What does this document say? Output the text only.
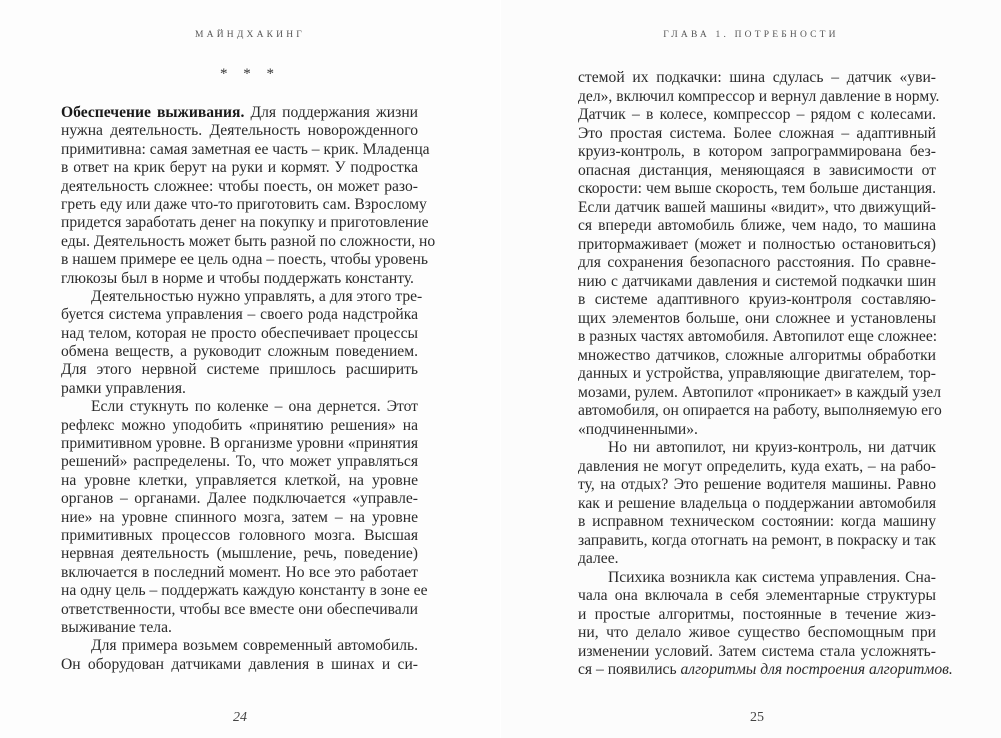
МАЙНДХАКИНГ
* * *
Обеспечение выживания. Для поддержания жизни
нужна деятельность. Деятельность новорожденного
примитивна: самая заметная ее часть – крик. Младенца
в ответ на крик берут на руки и кормят. У подростка
деятельность сложнее: чтобы поесть, он может разо-
греть еду или даже что-то приготовить сам. Взрослому
придется заработать денег на покупку и приготовление
еды. Деятельность может быть разной по сложности, но
в нашем примере ее цель одна – поесть, чтобы уровень
глюкозы был в норме и чтобы поддержать константу.
Деятельностью нужно управлять, а для этого тре-
буется система управления – своего рода надстройка
над телом, которая не просто обеспечивает процессы
обмена веществ, а руководит сложным поведением.
Для этого нервной системе пришлось расширить
рамки управления.
Если стукнуть по коленке – она дернется. Этот
рефлекс можно уподобить «принятию решения» на
примитивном уровне. В организме уровни «принятия
решений» распределены. То, что может управляться
на уровне клетки, управляется клеткой, на уровне
органов – органами. Далее подключается «управле-
ние» на уровне спинного мозга, затем – на уровне
примитивных процессов головного мозга. Высшая
нервная деятельность (мышление, речь, поведение)
включается в последний момент. Но все это работает
на одну цель – поддержать каждую константу в зоне ее
ответственности, чтобы все вместе они обеспечивали
выживание тела.
Для примера возьмем современный автомобиль.
Он оборудован датчиками давления в шинах и си-
24
ГЛАВА 1. ПОТРЕБНОСТИ
стемой их подкачки: шина сдулась – датчик «уви-
дел», включил компрессор и вернул давление в норму.
Датчик – в колесе, компрессор – рядом с колесами.
Это простая система. Более сложная – адаптивный
круиз-контроль, в котором запрограммирована без-
опасная дистанция, меняющаяся в зависимости от
скорости: чем выше скорость, тем больше дистанция.
Если датчик вашей машины «видит», что движущий-
ся впереди автомобиль ближе, чем надо, то машина
притормаживает (может и полностью остановиться)
для сохранения безопасного расстояния. По сравне-
нию с датчиками давления и системой подкачки шин
в системе адаптивного круиз-контроля составляю-
щих элементов больше, они сложнее и установлены
в разных частях автомобиля. Автопилот еще сложнее:
множество датчиков, сложные алгоритмы обработки
данных и устройства, управляющие двигателем, тор-
мозами, рулем. Автопилот «проникает» в каждый узел
автомобиля, он опирается на работу, выполняемую его
«подчиненными».
Но ни автопилот, ни круиз-контроль, ни датчик
давления не могут определить, куда ехать, – на рабо-
ту, на отдых? Это решение водителя машины. Равно
как и решение владельца о поддержании автомобиля
в исправном техническом состоянии: когда машину
заправить, когда отогнать на ремонт, в покраску и так
далее.
Психика возникла как система управления. Сна-
чала она включала в себя элементарные структуры
и простые алгоритмы, постоянные в течение жиз-
ни, что делало живое существо беспомощным при
изменении условий. Затем система стала усложнять-
ся – появились алгоритмы для построения алгоритмов.
25
